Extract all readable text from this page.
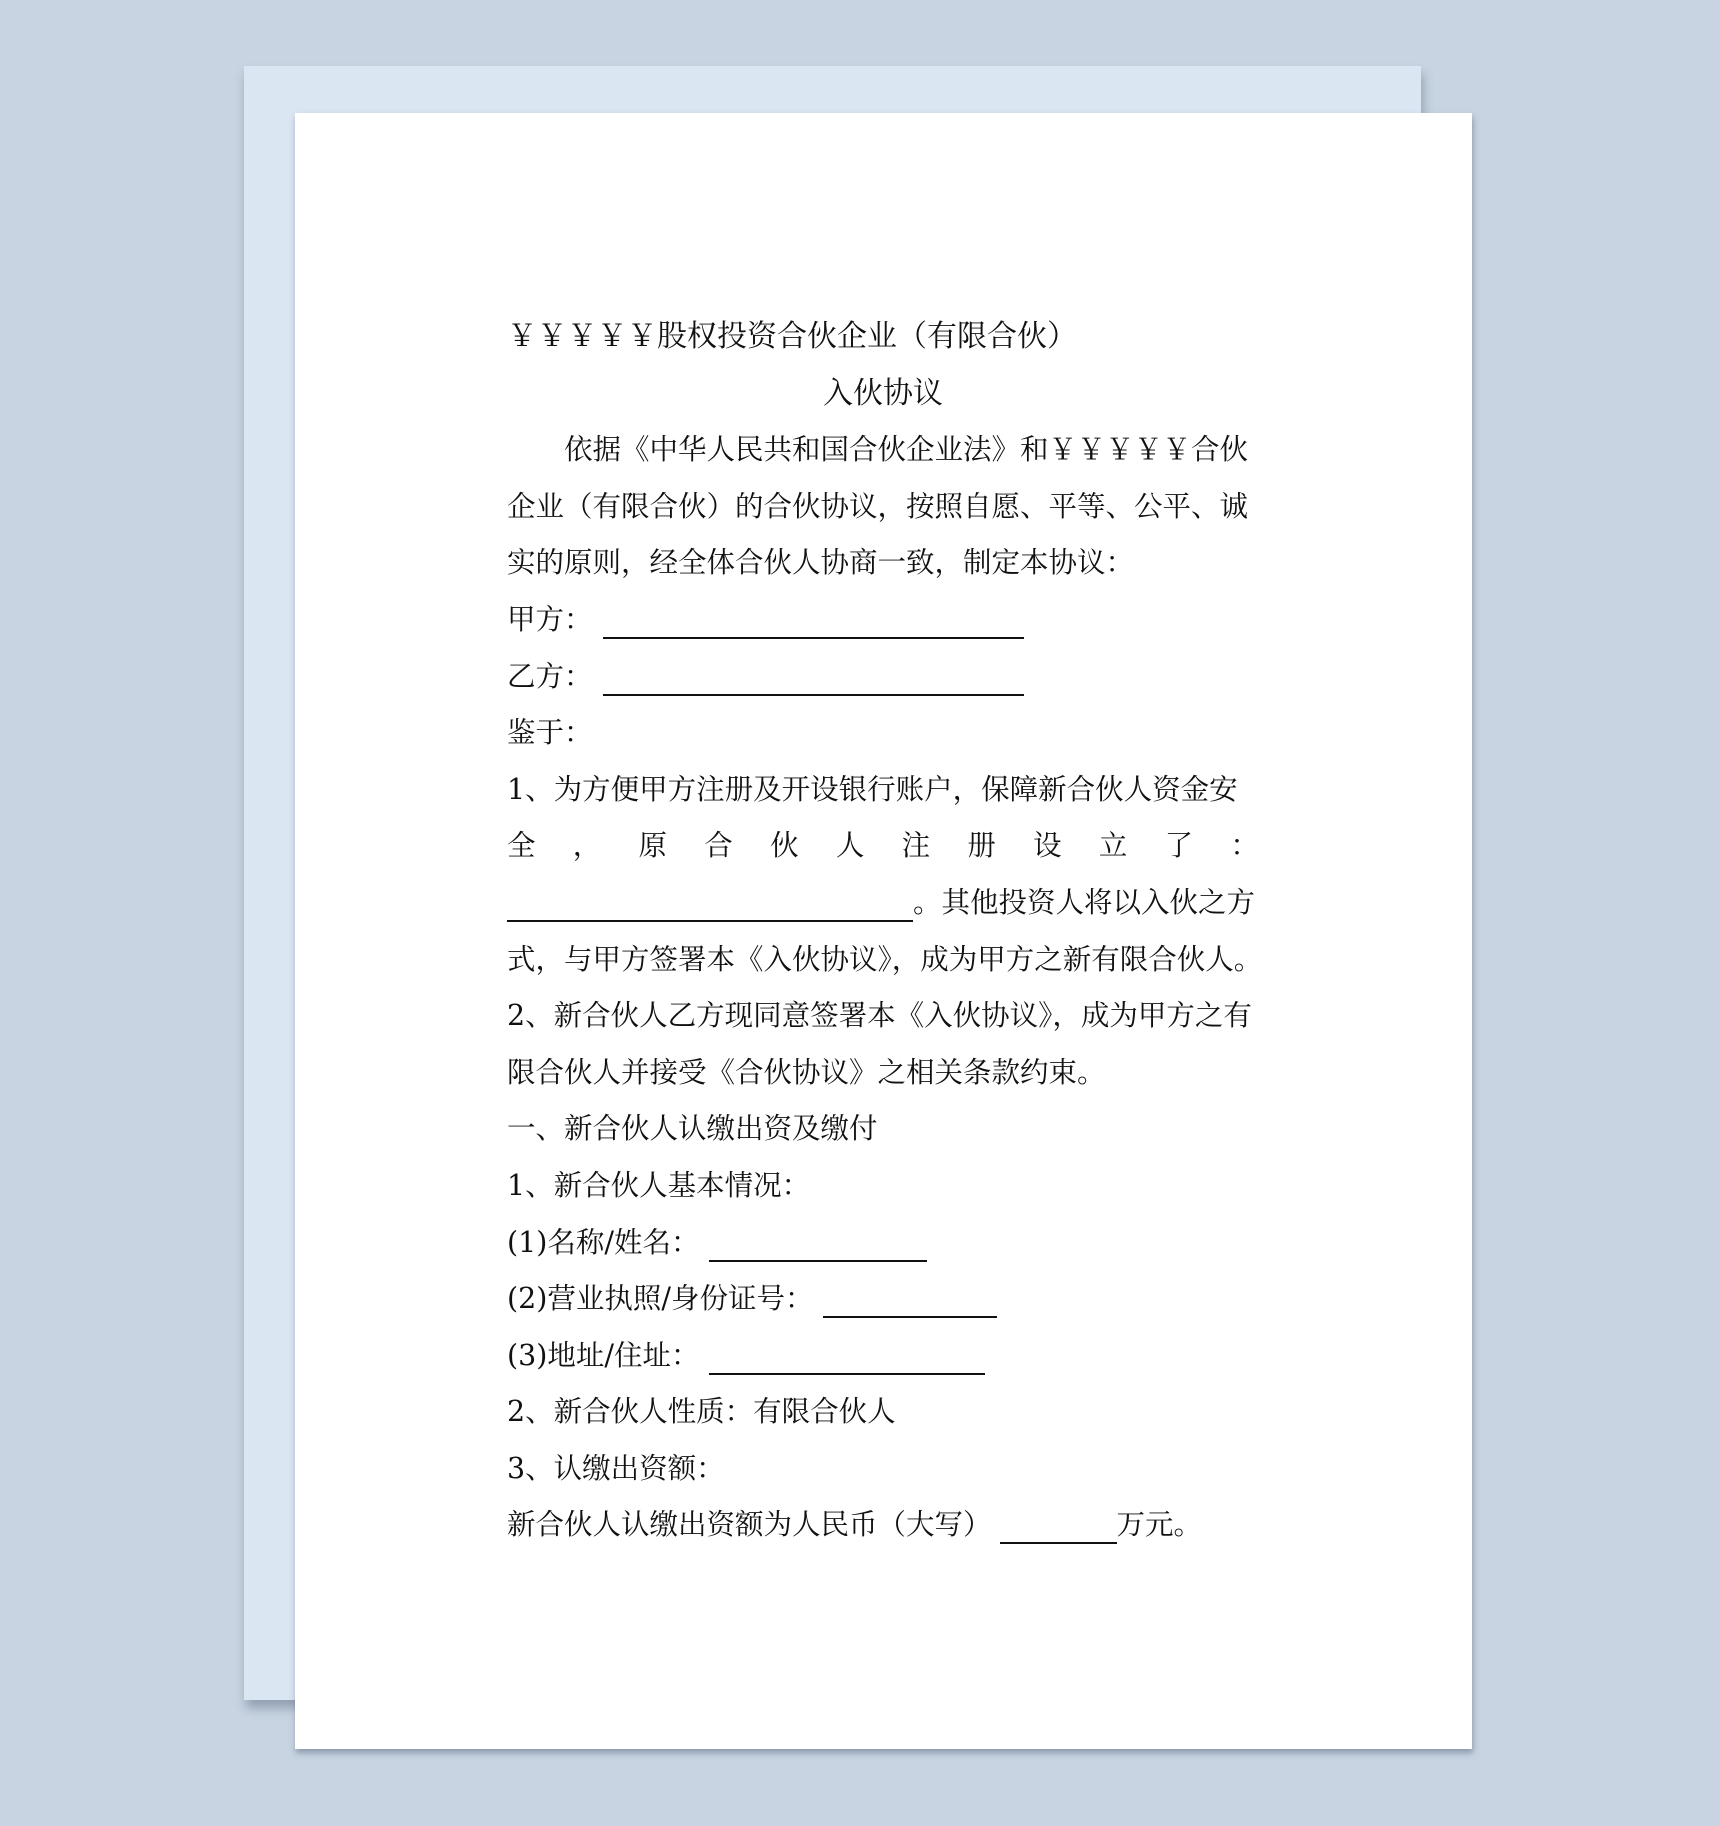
￥￥￥￥￥股权投资合伙企业（有限合伙）
入伙协议
依据《中华人民共和国合伙企业法》和￥￥￥￥￥合伙
企业（有限合伙）的合伙协议，按照自愿、平等、公平、诚
实的原则，经全体合伙人协商一致，制定本协议：
甲方：
乙方：
鉴于：
1、为方便甲方注册及开设银行账户，保障新合伙人资金安
全 ， 原 合 伙 人 注 册 设 立 了 ：
。其他投资人将以入伙之方
式，与甲方签署本《入伙协议》，成为甲方之新有限合伙人。
2、新合伙人乙方现同意签署本《入伙协议》，成为甲方之有
限合伙人并接受《合伙协议》之相关条款约束。
一、新合伙人认缴出资及缴付
1、新合伙人基本情况：
(1)名称/姓名：
(2)营业执照/身份证号：
(3)地址/住址：
2、新合伙人性质：有限合伙人
3、认缴出资额：
新合伙人认缴出资额为人民币（大写）	万元。
